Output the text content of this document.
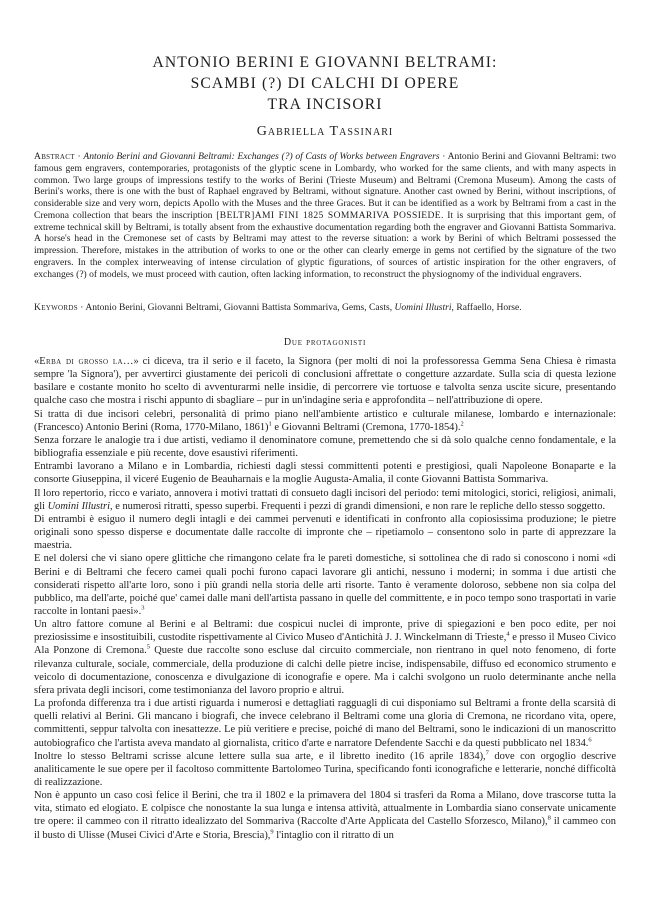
ANTONIO BERINI E GIOVANNI BELTRAMI:
SCAMBI (?) DI CALCHI DI OPERE
TRA INCISORI
Gabriella Tassinari
Abstract · Antonio Berini and Giovanni Beltrami: Exchanges (?) of Casts of Works between Engravers · Antonio Berini and Giovanni Beltrami: two famous gem engravers, contemporaries, protagonists of the glyptic scene in Lombardy, who worked for the same clients, and with many aspects in common. Two large groups of impressions testify to the works of Berini (Trieste Museum) and Beltrami (Cremona Museum). Among the casts of Berini's works, there is one with the bust of Raphael engraved by Beltrami, without signature. Another cast owned by Berini, without inscriptions, of considerable size and very worn, depicts Apollo with the Muses and the three Graces. But it can be identified as a work by Beltrami from a cast in the Cremona collection that bears the inscription [BELTR]AMI FINI 1825 SOMMARIVA POSSIEDE. It is surprising that this important gem, of extreme technical skill by Beltrami, is totally absent from the exhaustive documentation regarding both the engraver and Giovanni Battista Sommariva. A horse's head in the Cremonese set of casts by Beltrami may attest to the reverse situation: a work by Berini of which Beltrami possessed the impression. Therefore, mistakes in the attribution of works to one or the other can clearly emerge in gems not certified by the signature of the two engravers. In the complex interweaving of intense circulation of glyptic figurations, of sources of artistic inspiration for the other engravers, of exchanges (?) of models, we must proceed with caution, often lacking information, to reconstruct the physiognomy of the individual engravers.
Keywords · Antonio Berini, Giovanni Beltrami, Giovanni Battista Sommariva, Gems, Casts, Uomini Illustri, Raffaello, Horse.
Due protagonisti

«Erba di grosso la…» ci diceva, tra il serio e il faceto, la Signora (per molti di noi la professoressa Gemma Sena Chiesa è rimasta sempre 'la Signora'), per avvertirci giustamente dei pericoli di conclusioni affrettate o congetture azzardate. Sulla scia di questa lezione basilare e costante monito ho scelto di avventurarmi nelle insidie, di percorrere vie tortuose e talvolta senza uscite sicure, presentando qualche caso che mostra i rischi appunto di sbagliare – pur in un'indagine seria e approfondita – nell'attribuzione di opere.

Si tratta di due incisori celebri, personalità di primo piano nell'ambiente artistico e culturale milanese, lombardo e internazionale: (Francesco) Antonio Berini (Roma, 1770-Milano, 1861)$^1$ e Giovanni Beltrami (Cremona, 1770-1854).$^2$

Senza forzare le analogie tra i due artisti, vediamo il denominatore comune, premettendo che si dà solo qualche cenno fondamentale, e la bibliografia essenziale e più recente, dove esaustivi riferimenti.

Entrambi lavorano a Milano e in Lombardia, richiesti dagli stessi committenti potenti e prestigiosi, quali Napoleone Bonaparte e la consorte Giuseppina, il viceré Eugenio de Beauharnais e la moglie Augusta-Amalia, il conte Giovanni Battista Sommariva.

Il loro repertorio, ricco e variato, annovera i motivi trattati di consueto dagli incisori del periodo: temi mitologici, storici, religiosi, animali, gli Uomini Illustri, e numerosi ritratti, spesso superbi. Frequenti i pezzi di grandi dimensioni, e non rare le repliche dello stesso soggetto.

Di entrambi è esiguo il numero degli intagli e dei cammei pervenuti e identificati in confronto alla copiosissima produzione; le pietre originali sono spesso disperse e documentate dalle raccolte di impronte che – ripetiamolo – consentono solo in parte di apprezzare la maestria.

E nel dolersi che vi siano opere glittiche che rimangono celate fra le pareti domestiche, si sottolinea che di rado si conoscono i nomi «di Berini e di Beltrami che fecero camei quali pochi furono capaci lavorare gli antichi, nessuno i moderni; in somma i due artisti che considerati rispetto all'arte loro, sono i più grandi nella storia delle arti risorte. Tanto è veramente doloroso, sebbene non sia colpa del pubblico, ma dell'arte, poiché que' camei dalle mani dell'artista passano in quelle del committente, e in poco tempo sono trasportati in varie raccolte in lontani paesi».$^3$

Un altro fattore comune al Berini e al Beltrami: due cospicui nuclei di impronte, prive di spiegazioni e ben poco edite, per noi preziosissime e insostituibili, custodite rispettivamente al Civico Museo d'Antichità J. J. Winckelmann di Trieste,$^4$ e presso il Museo Civico Ala Ponzone di Cremona.$^5$ Queste due raccolte sono escluse dal circuito commerciale, non rientrano in quel noto fenomeno, di forte rilevanza culturale, sociale, commerciale, della produzione di calchi delle pietre incise, indispensabile, diffuso ed economico strumento e veicolo di documentazione, conoscenza e divulgazione di iconografie e opere. Ma i calchi svolgono un ruolo determinante anche nella sfera privata degli incisori, come testimonianza del lavoro proprio e altrui.

La profonda differenza tra i due artisti riguarda i numerosi e dettagliati ragguagli di cui disponiamo sul Beltrami a fronte della scarsità di quelli relativi al Berini. Gli mancano i biografi, che invece celebrano il Beltrami come una gloria di Cremona, ne ricordano vita, opere, committenti, seppur talvolta con inesattezze. Le più veritiere e precise, poiché di mano del Beltrami, sono le indicazioni di un manoscritto autobiografico che l'artista aveva mandato al giornalista, critico d'arte e narratore Defendente Sacchi e da questi pubblicato nel 1834.$^6$

Inoltre lo stesso Beltrami scrisse alcune lettere sulla sua arte, e il libretto inedito (16 aprile 1834),$^7$ dove con orgoglio descrive analiticamente le sue opere per il facoltoso committente Bartolomeo Turina, specificando fonti iconografiche e letterarie, nonché difficoltà di realizzazione.

Non è appunto un caso così felice il Berini, che tra il 1802 e la primavera del 1804 si trasferì da Roma a Milano, dove trascorse tutta la vita, stimato ed elogiato. E colpisce che nonostante la sua lunga e intensa attività, attualmente in Lombardia siano conservate unicamente tre opere: il cammeo con il ritratto idealizzato del Sommariva (Raccolte d'Arte Applicata del Castello Sforzesco, Milano),$^8$ il cammeo con il busto di Ulisse (Musei Civici d'Arte e Storia, Brescia),$^9$ l'intaglio con il ritratto di un
